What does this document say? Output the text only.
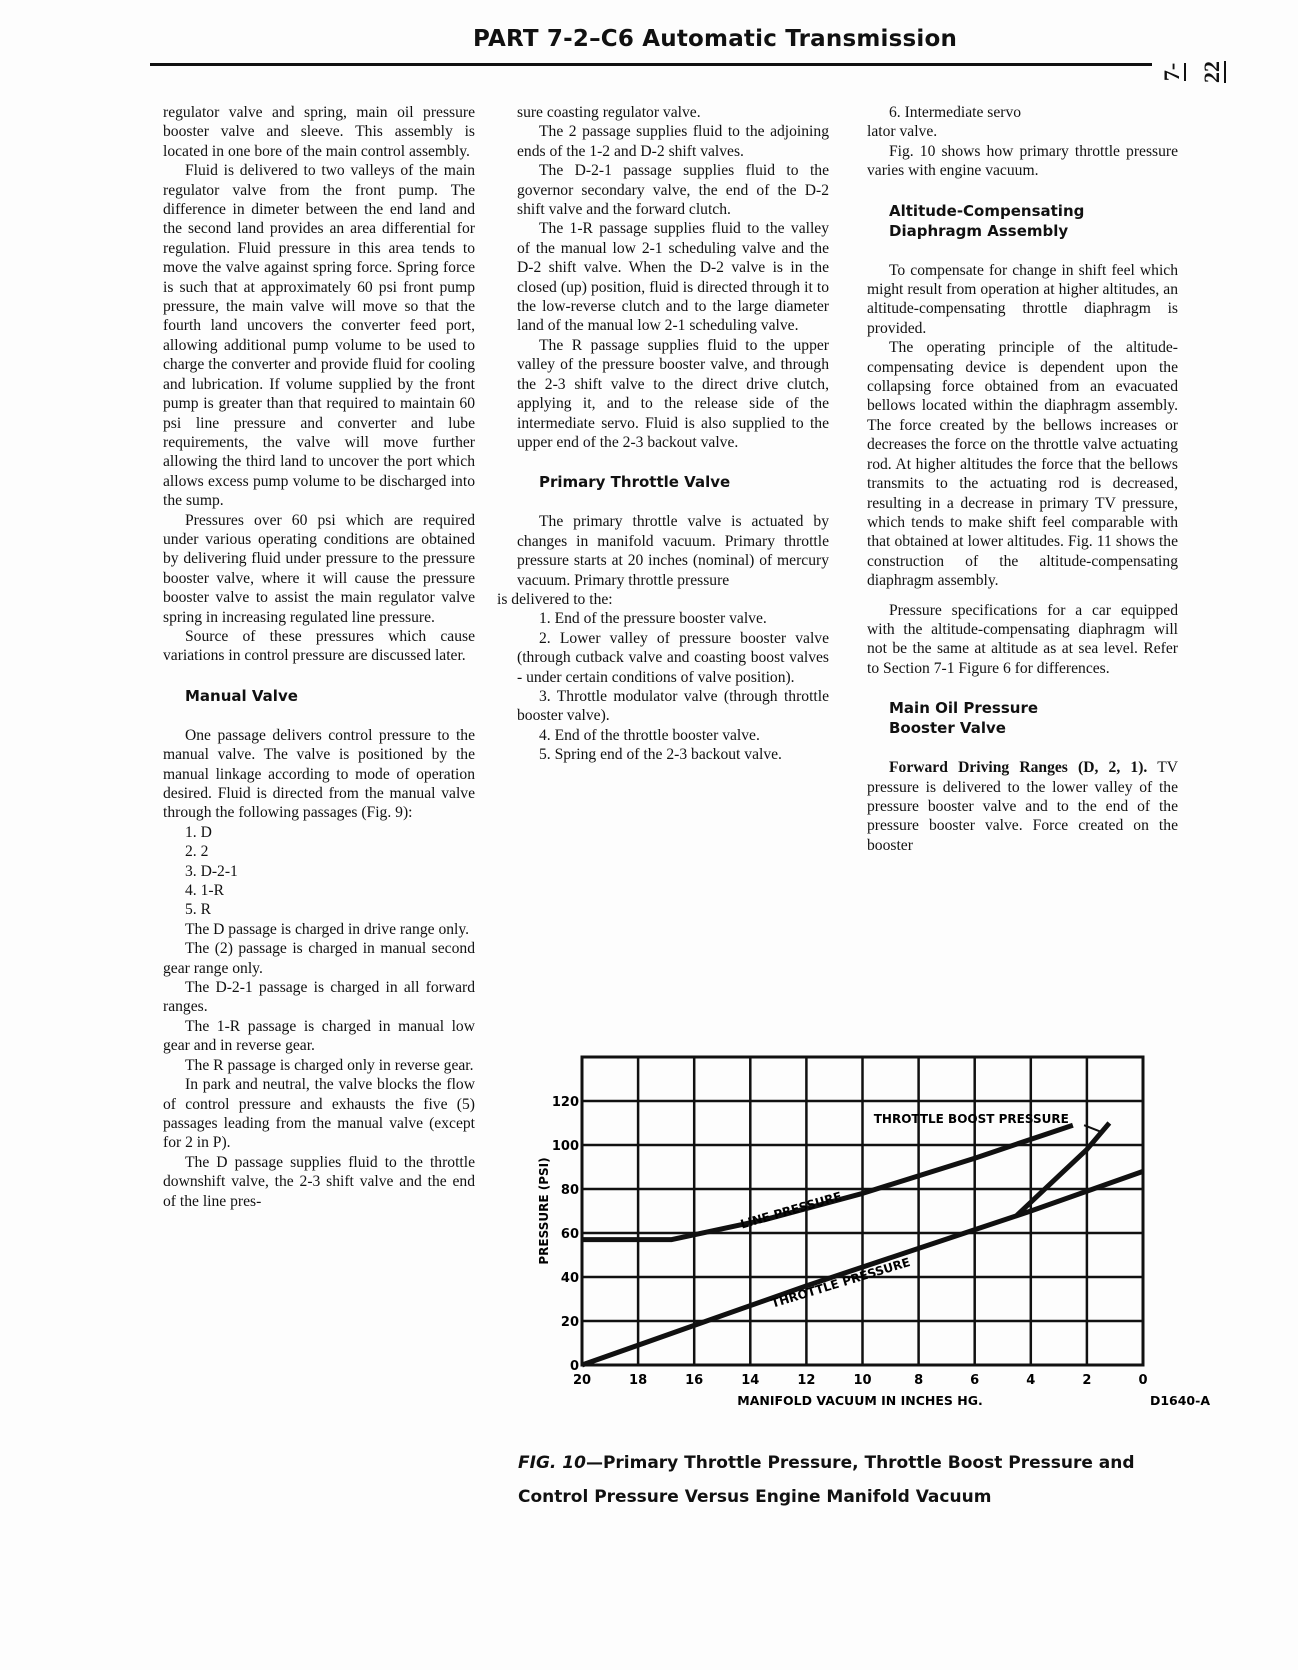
PART 7-2–C6 Automatic Transmission
7-22

regulator valve and spring, main oil pressure booster valve and sleeve. This assembly is located in one bore of the main control assembly.

Fluid is delivered to two valleys of the main regulator valve from the front pump. The difference in dimeter between the end land and the second land provides an area differential for regulation. Fluid pressure in this area tends to move the valve against spring force. Spring force is such that at approximately 60 psi front pump pressure, the main valve will move so that the fourth land uncovers the converter feed port, allowing additional pump volume to be used to charge the converter and provide fluid for cooling and lubrication. If volume supplied by the front pump is greater than that required to maintain 60 psi line pressure and converter and lube requirements, the valve will move further allowing the third land to uncover the port which allows excess pump volume to be discharged into the sump.

Pressures over 60 psi which are required under various operating conditions are obtained by delivering fluid under pressure to the pressure booster valve, where it will cause the pressure booster valve to assist the main regulator valve spring in increasing regulated line pressure.

Source of these pressures which cause variations in control pressure are discussed later.

Manual Valve

One passage delivers control pressure to the manual valve. The valve is positioned by the manual linkage according to mode of operation desired. Fluid is directed from the manual valve through the following passages (Fig. 9):

1. D

2. 2

3. D-2-1

4. 1-R

5. R

The D passage is charged in drive range only.

The (2) passage is charged in manual second gear range only.

The D-2-1 passage is charged in all forward ranges.

The 1-R passage is charged in manual low gear and in reverse gear.

The R passage is charged only in reverse gear.

In park and neutral, the valve blocks the flow of control pressure and exhausts the five (5) passages leading from the manual valve (except for 2 in P).

The D passage supplies fluid to the throttle downshift valve, the 2-3 shift valve and the end of the line pres-

sure coasting regulator valve.

The 2 passage supplies fluid to the adjoining ends of the 1-2 and D-2 shift valves.

The D-2-1 passage supplies fluid to the governor secondary valve, the end of the D-2 shift valve and the forward clutch.

The 1-R passage supplies fluid to the valley of the manual low 2-1 scheduling valve and the D-2 shift valve. When the D-2 valve is in the closed (up) position, fluid is directed through it to the low-reverse clutch and to the large diameter land of the manual low 2-1 scheduling valve.

The R passage supplies fluid to the upper valley of the pressure booster valve, and through the 2-3 shift valve to the direct drive clutch, applying it, and to the release side of the intermediate servo. Fluid is also supplied to the upper end of the 2-3 backout valve.

Primary Throttle Valve

The primary throttle valve is actuated by changes in manifold vacuum. Primary throttle pressure starts at 20 inches (nominal) of mercury vacuum. Primary throttle pressure

is delivered to the:

1. End of the pressure booster valve.

2. Lower valley of pressure booster valve (through cutback valve and coasting boost valves - under certain conditions of valve position).

3. Throttle modulator valve (through throttle booster valve).

4. End of the throttle booster valve.

5. Spring end of the 2-3 backout valve.

6. Intermediate servo

lator valve.

Fig. 10 shows how primary throttle pressure varies with engine vacuum.

Altitude-Compensating
Diaphragm Assembly

To compensate for change in shift feel which might result from operation at higher altitudes, an altitude-compensating throttle diaphragm is provided.

The operating principle of the altitude-compensating device is dependent upon the collapsing force obtained from an evacuated bellows located within the diaphragm assembly. The force created by the bellows increases or decreases the force on the throttle valve actuating rod. At higher altitudes the force that the bellows transmits to the actuating rod is decreased, resulting in a decrease in primary TV pressure, which tends to make shift feel comparable with that obtained at lower altitudes. Fig. 11 shows the construction of the altitude-compensating diaphragm assembly.

Pressure specifications for a car equipped with the altitude-compensating diaphragm will not be the same at altitude as at sea level. Refer to Section 7-1 Figure 6 for differences.

Main Oil Pressure
Booster Valve

Forward Driving Ranges (D, 2, 1). TV pressure is delivered to the lower valley of the pressure booster valve and to the end of the pressure booster valve. Force created on the booster

0
20
40
60
80
100
120
20	18	16	14	12	10	8	6	4	2	0
PRESSURE (PSI)
MANIFOLD VACUUM IN INCHES HG.	D1640-A
LINE PRESSURE
THROTTLE PRESSURE
THROTTLE BOOST PRESSURE
FIG. 10—Primary Throttle Pressure, Throttle Boost Pressure and Control Pressure Versus Engine Manifold Vacuum
